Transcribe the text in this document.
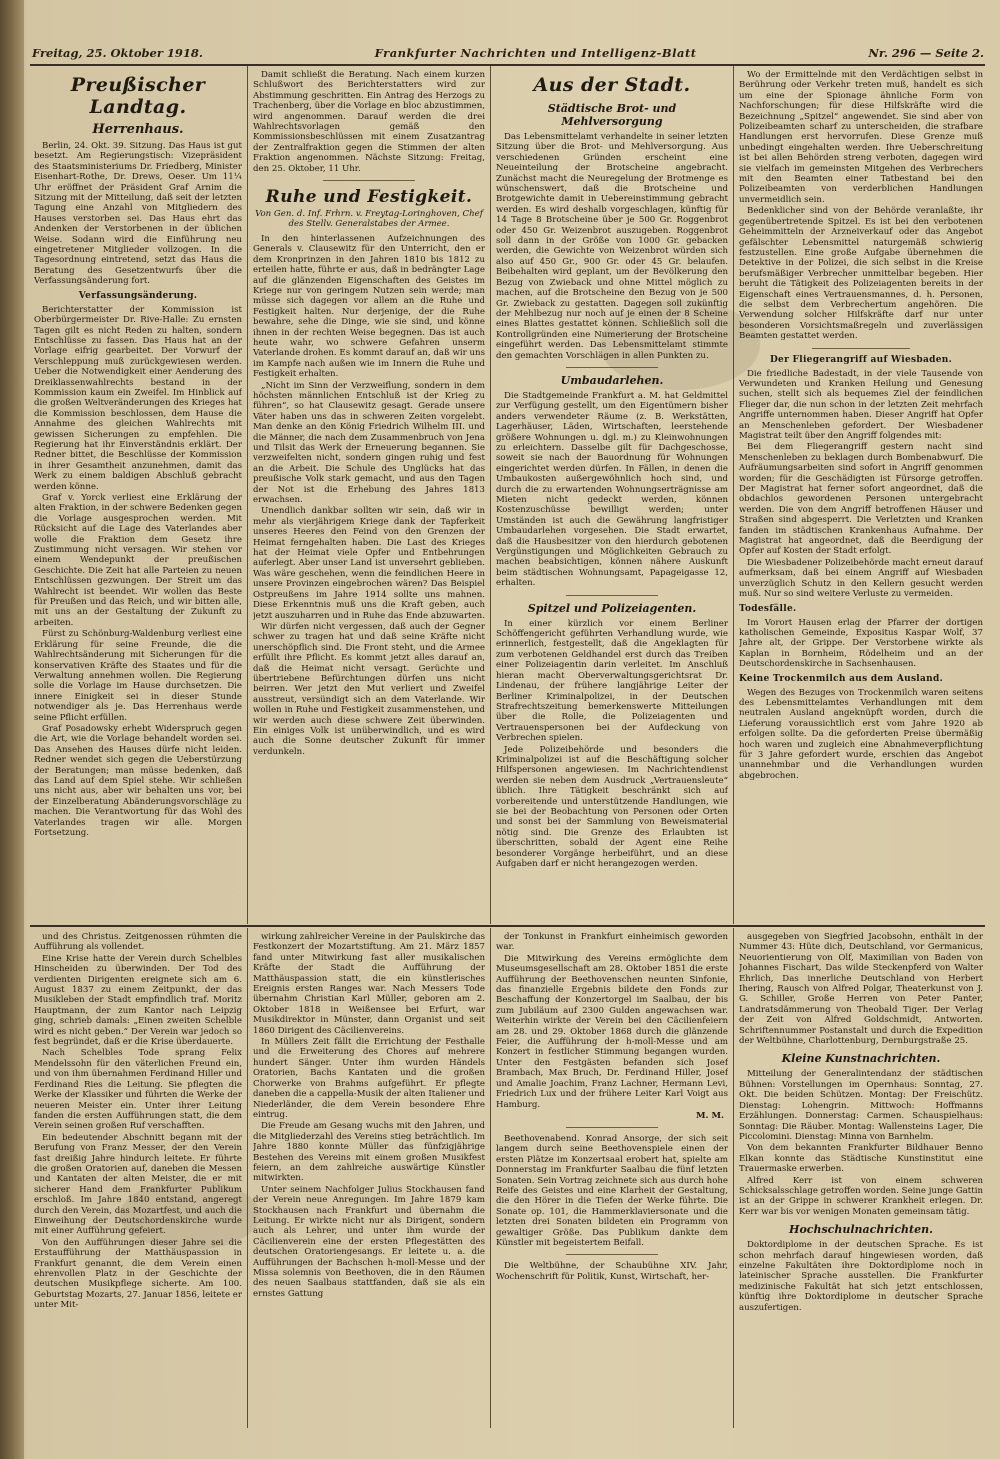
Freitag, 25. Oktober 1918.	Frankfurter Nachrichten und Intelligenz-Blatt	Nr. 296 — Seite 2.
Preußischer Landtag.
Herrenhaus.

Berlin, 24. Okt. 39. Sitzung. Das Haus ist gut besetzt. Am Regierungstisch: Vizepräsident des Staatsministeriums Dr. Friedberg, Minister Eisenhart-Rothe, Dr. Drews, Oeser. Um 11¼ Uhr eröffnet der Präsident Graf Arnim die Sitzung mit der Mitteilung, daß seit der letzten Tagung eine Anzahl von Mitgliedern des Hauses verstorben sei. Das Haus ehrt das Andenken der Verstorbenen in der üblichen Weise. Sodann wird die Einführung neu eingetretener Mitglieder vollzogen. In die Tagesordnung eintretend, setzt das Haus die Beratung des Gesetzentwurfs über die Verfassungsänderung fort.

Verfassungsänderung.

Berichterstatter der Kommission ist Oberbürgermeister Dr. Rive-Halle: Zu ernsten Tagen gilt es nicht Reden zu halten, sondern Entschlüsse zu fassen. Das Haus hat an der Vorlage eifrig gearbeitet. Der Vorwurf der Verschleppung muß zurückgewiesen werden. Ueber die Notwendigkeit einer Aenderung des Dreiklassenwahlrechts bestand in der Kommission kaum ein Zweifel. Im Hinblick auf die großen Weltveränderungen des Krieges hat die Kommission beschlossen, dem Hause die Annahme des gleichen Wahlrechts mit gewissen Sicherungen zu empfehlen. Die Regierung hat ihr Einverständnis erklärt. Der Redner bittet, die Beschlüsse der Kommission in ihrer Gesamtheit anzunehmen, damit das Werk zu einem baldigen Abschluß gebracht werden könne.

Graf v. Yorck verliest eine Erklärung der alten Fraktion, in der schwere Bedenken gegen die Vorlage ausgesprochen werden. Mit Rücksicht auf die Lage des Vaterlandes aber wolle die Fraktion dem Gesetz ihre Zustimmung nicht versagen. Wir stehen vor einem Wendepunkt der preußischen Geschichte. Die Zeit hat alle Parteien zu neuen Entschlüssen gezwungen. Der Streit um das Wahlrecht ist beendet. Wir wollen das Beste für Preußen und das Reich, und wir bitten alle, mit uns an der Gestaltung der Zukunft zu arbeiten.

Fürst zu Schönburg-Waldenburg verliest eine Erklärung für seine Freunde, die die Wahlrechtsänderung mit Sicherungen für die konservativen Kräfte des Staates und für die Verwaltung annehmen wollen. Die Regierung solle die Vorlage im Hause durchsetzen. Die innere Einigkeit sei in dieser Stunde notwendiger als je. Das Herrenhaus werde seine Pflicht erfüllen.

Graf Posadowsky erhebt Widerspruch gegen die Art, wie die Vorlage behandelt worden sei. Das Ansehen des Hauses dürfe nicht leiden. Redner wendet sich gegen die Ueberstürzung der Beratungen; man müsse bedenken, daß das Land auf dem Spiel stehe. Wir schließen uns nicht aus, aber wir behalten uns vor, bei der Einzelberatung Abänderungsvorschläge zu machen. Die Verantwortung für das Wohl des Vaterlandes tragen wir alle. Morgen Fortsetzung.

Damit schließt die Beratung. Nach einem kurzen Schlußwort des Berichterstatters wird zur Abstimmung geschritten. Ein Antrag des Herzogs zu Trachenberg, über die Vorlage en bloc abzustimmen, wird angenommen. Darauf werden die drei Wahlrechtsvorlagen gemäß den Kommissionsbeschlüssen mit einem Zusatzantrag der Zentralfraktion gegen die Stimmen der alten Fraktion angenommen. Nächste Sitzung: Freitag, den 25. Oktober, 11 Uhr.

Ruhe und Festigkeit.

Von Gen. d. Inf. Frhrn. v. Freytag-Loringhoven, Chef des Stellv. Generalstabes der Armee.

In den hinterlassenen Aufzeichnungen des Generals v. Clausewitz für den Unterricht, den er dem Kronprinzen in den Jahren 1810 bis 1812 zu erteilen hatte, führte er aus, daß in bedrängter Lage auf die glänzenden Eigenschaften des Geistes im Kriege nur von geringem Nutzen sein werde; man müsse sich dagegen vor allem an die Ruhe und Festigkeit halten. Nur derjenige, der die Ruhe bewahre, sehe die Dinge, wie sie sind, und könne ihnen in der rechten Weise begegnen. Das ist auch heute wahr, wo schwere Gefahren unserm Vaterlande drohen. Es kommt darauf an, daß wir uns im Kampfe nach außen wie im Innern die Ruhe und Festigkeit erhalten.

„Nicht im Sinn der Verzweiflung, sondern in dem höchsten männlichen Entschluß ist der Krieg zu führen“, so hat Clausewitz gesagt. Gerade unsere Väter haben uns das in schweren Zeiten vorgelebt. Man denke an den König Friedrich Wilhelm III. und die Männer, die nach dem Zusammenbruch von Jena und Tilsit das Werk der Erneuerung begannen. Sie verzweifelten nicht, sondern gingen ruhig und fest an die Arbeit. Die Schule des Unglücks hat das preußische Volk stark gemacht, und aus den Tagen der Not ist die Erhebung des Jahres 1813 erwachsen.

Unendlich dankbar sollten wir sein, daß wir in mehr als vierjährigem Kriege dank der Tapferkeit unseres Heeres den Feind von den Grenzen der Heimat ferngehalten haben. Die Last des Krieges hat der Heimat viele Opfer und Entbehrungen auferlegt. Aber unser Land ist unversehrt geblieben. Was wäre geschehen, wenn die feindlichen Heere in unsere Provinzen eingebrochen wären? Das Beispiel Ostpreußens im Jahre 1914 sollte uns mahnen. Diese Erkenntnis muß uns die Kraft geben, auch jetzt auszuharren und in Ruhe das Ende abzuwarten.

Wir dürfen nicht vergessen, daß auch der Gegner schwer zu tragen hat und daß seine Kräfte nicht unerschöpflich sind. Die Front steht, und die Armee erfüllt ihre Pflicht. Es kommt jetzt alles darauf an, daß die Heimat nicht versagt. Gerüchte und übertriebene Befürchtungen dürfen uns nicht beirren. Wer jetzt den Mut verliert und Zweifel ausstreut, versündigt sich an dem Vaterlande. Wir wollen in Ruhe und Festigkeit zusammenstehen, und wir werden auch diese schwere Zeit überwinden. Ein einiges Volk ist unüberwindlich, und es wird auch die Sonne deutscher Zukunft für immer verdunkeln.

Aus der Stadt.
Städtische Brot- und Mehlversorgung

Das Lebensmittelamt verhandelte in seiner letzten Sitzung über die Brot- und Mehlversorgung. Aus verschiedenen Gründen erscheint eine Neueinteilung der Brotscheine angebracht. Zunächst macht die Neuregelung der Brotmenge es wünschenswert, daß die Brotscheine und Brotgewichte damit in Uebereinstimmung gebracht werden. Es wird deshalb vorgeschlagen, künftig für 14 Tage 8 Brotscheine über je 500 Gr. Roggenbrot oder 450 Gr. Weizenbrot auszugeben. Roggenbrot soll dann in der Größe von 1000 Gr. gebacken werden, die Gewichte von Weizenbrot würden sich also auf 450 Gr., 900 Gr. oder 45 Gr. belaufen. Beibehalten wird geplant, um der Bevölkerung den Bezug von Zwieback und ohne Mittel möglich zu machen, auf die Brotscheine den Bezug von je 500 Gr. Zwieback zu gestatten. Dagegen soll zukünftig der Mehlbezug nur noch auf je einen der 8 Scheine eines Blattes gestattet können. Schließlich soll die Kontrollgründen eine Numerierung der Brotscheine eingeführt werden. Das Lebensmittelamt stimmte den gemachten Vorschlägen in allen Punkten zu.

Umbaudarlehen.

Die Stadtgemeinde Frankfurt a. M. hat Geldmittel zur Verfügung gestellt, um den Eigentümern bisher anders verwendeter Räume (z. B. Werkstätten, Lagerhäuser, Läden, Wirtschaften, leerstehende größere Wohnungen u. dgl. m.) zu Kleinwohnungen zu erleichtern. Dasselbe gilt für Dachgeschosse, soweit sie nach der Bauordnung für Wohnungen eingerichtet werden dürfen. In Fällen, in denen die Umbaukosten außergewöhnlich hoch sind, und durch die zu erwartenden Wohnungserträgnisse am Mieten nicht gedeckt werden, können Kostenzuschüsse bewilligt werden; unter Umständen ist auch die Gewährung langfristiger Umbaudarlehen vorgesehen. Die Stadt erwartet, daß die Hausbesitzer von den hierdurch gebotenen Vergünstigungen und Möglichkeiten Gebrauch zu machen beabsichtigen, können nähere Auskunft beim städtischen Wohnungsamt, Papageigasse 12, erhalten.

Spitzel und Polizeiagenten.

In einer kürzlich vor einem Berliner Schöffengericht geführten Verhandlung wurde, wie erinnerlich, festgestellt, daß die Angeklagten für zum verbotenen Geldhandel erst durch das Treiben einer Polizeiagentin darin verleitet. Im Anschluß hieran macht Oberverwaltungsgerichtsrat Dr. Lindenau, der frühere langjährige Leiter der Berliner Kriminalpolizei, in der Deutschen Strafrechtszeitung bemerkenswerte Mitteilungen über die Rolle, die Polizeiagenten und Vertrauenspersonen bei der Aufdeckung von Verbrechen spielen.

Jede Polizeibehörde und besonders die Kriminalpolizei ist auf die Beschäftigung solcher Hilfspersonen angewiesen. Im Nachrichtendienst werden sie neben dem Ausdruck „Vertrauensleute“ üblich. Ihre Tätigkeit beschränkt sich auf vorbereitende und unterstützende Handlungen, wie sie bei der Beobachtung von Personen oder Orten und sonst bei der Sammlung von Beweismaterial nötig sind. Die Grenze des Erlaubten ist überschritten, sobald der Agent eine Reihe besonderer Vorgänge herbeiführt, und an diese Aufgaben darf er nicht herangezogen werden.

Wo der Ermittelnde mit den Verdächtigen selbst in Berührung oder Verkehr treten muß, handelt es sich um eine der Spionage ähnliche Form von Nachforschungen; für diese Hilfskräfte wird die Bezeichnung „Spitzel“ angewendet. Sie sind aber von Polizeibeamten scharf zu unterscheiden, die strafbare Handlungen erst hervorrufen. Diese Grenze muß unbedingt eingehalten werden. Ihre Ueberschreitung ist bei allen Behörden streng verboten, dagegen wird sie vielfach im gemeinsten Mitgehen des Verbrechers mit den Beamten einer Tatbestand bei den Polizeibeamten von verderblichen Handlungen unvermeidlich sein.

Bedenklicher sind von der Behörde veranlaßte, ihr gegenübertretende Spitzel. Es ist bei den verbotenen Geheimmitteln der Arzneiverkauf oder das Angebot gefälschter Lebensmittel naturgemäß schwierig festzustellen. Eine große Aufgabe übernehmen die Detektive in der Polizei, die sich selbst in die Kreise berufsmäßiger Verbrecher unmittelbar begeben. Hier beruht die Tätigkeit des Polizeiagenten bereits in der Eigenschaft eines Vertrauensmannes, d. h. Personen, die selbst dem Verbrechertum angehören. Die Verwendung solcher Hilfskräfte darf nur unter besonderen Vorsichtsmaßregeln und zuverlässigen Beamten gestattet werden.

Der Fliegerangriff auf Wiesbaden.

Die friedliche Badestadt, in der viele Tausende von Verwundeten und Kranken Heilung und Genesung suchen, stellt sich als bequemes Ziel der feindlichen Flieger dar, die nun schon in der letzten Zeit mehrfach Angriffe unternommen haben. Dieser Angriff hat Opfer an Menschenleben gefordert. Der Wiesbadener Magistrat teilt über den Angriff folgendes mit:

Bei dem Fliegerangriff gestern nacht sind Menschenleben zu beklagen durch Bombenabwurf. Die Aufräumungsarbeiten sind sofort in Angriff genommen worden; für die Geschädigten ist Fürsorge getroffen. Der Magistrat hat ferner sofort angeordnet, daß die obdachlos gewordenen Personen untergebracht werden. Die von dem Angriff betroffenen Häuser und Straßen sind abgesperrt. Die Verletzten und Kranken fanden im städtischen Krankenhaus Aufnahme. Der Magistrat hat angeordnet, daß die Beerdigung der Opfer auf Kosten der Stadt erfolgt.

Die Wiesbadener Polizeibehörde macht erneut darauf aufmerksam, daß bei einem Angriff auf Wiesbaden unverzüglich Schutz in den Kellern gesucht werden muß. Nur so sind weitere Verluste zu vermeiden.

Todesfälle.

Im Vorort Hausen erlag der Pfarrer der dortigen katholischen Gemeinde, Expositus Kaspar Wolf, 37 Jahre alt, der Grippe. Der Verstorbene wirkte als Kaplan in Bornheim, Rödelheim und an der Deutschordenskirche in Sachsenhausen.

Keine Trockenmilch aus dem Ausland.

Wegen des Bezuges von Trockenmilch waren seitens des Lebensmittelamtes Verhandlungen mit dem neutralen Ausland angeknüpft worden, durch die Lieferung voraussichtlich erst vom Jahre 1920 ab erfolgen sollte. Da die geforderten Preise übermäßig hoch waren und zugleich eine Abnahmeverpflichtung für 3 Jahre gefordert wurde, erschien das Angebot unannehmbar und die Verhandlungen wurden abgebrochen.

und des Christus. Zeitgenossen rühmten die Aufführung als vollendet.

Eine Krise hatte der Verein durch Schelbles Hinscheiden zu überwinden. Der Tod des verdienten Dirigenten ereignete sich am 6. August 1837 zu einem Zeitpunkt, der das Musikleben der Stadt empfindlich traf. Moritz Hauptmann, der zum Kantor nach Leipzig ging, schrieb damals: „Einen zweiten Schelble wird es nicht geben.“ Der Verein war jedoch so fest begründet, daß er die Krise überdauerte.

Nach Schelbles Tode sprang Felix Mendelssohn für den väterlichen Freund ein, und von ihm übernahmen Ferdinand Hiller und Ferdinand Ries die Leitung. Sie pflegten die Werke der Klassiker und führten die Werke der neueren Meister ein. Unter ihrer Leitung fanden die ersten Aufführungen statt, die dem Verein seinen großen Ruf verschafften.

Ein bedeutender Abschnitt begann mit der Berufung von Franz Messer, der den Verein fast dreißig Jahre hindurch leitete. Er führte die großen Oratorien auf, daneben die Messen und Kantaten der alten Meister, die er mit sicherer Hand dem Frankfurter Publikum erschloß. Im Jahre 1840 entstand, angeregt durch den Verein, das Mozartfest, und auch die Einweihung der Deutschordenskirche wurde mit einer Aufführung gefeiert.

Von den Aufführungen dieser Jahre sei die Erstaufführung der Matthäuspassion in Frankfurt genannt, die dem Verein einen ehrenvollen Platz in der Geschichte der deutschen Musikpflege sicherte. Am 100. Geburtstag Mozarts, 27. Januar 1856, leitete er unter Mit-

wirkung zahlreicher Vereine in der Paulskirche das Festkonzert der Mozartstiftung. Am 21. März 1857 fand unter Mitwirkung fast aller musikalischen Kräfte der Stadt die Aufführung der Matthäuspassion statt, die ein künstlerisches Ereignis ersten Ranges war. Nach Messers Tode übernahm Christian Karl Müller, geboren am 2. Oktober 1818 in Weißensee bei Erfurt, war Musikdirektor in Münster, dann Organist und seit 1860 Dirigent des Cäcilienvereins.

In Müllers Zeit fällt die Errichtung der Festhalle und die Erweiterung des Chores auf mehrere hundert Sänger. Unter ihm wurden Händels Oratorien, Bachs Kantaten und die großen Chorwerke von Brahms aufgeführt. Er pflegte daneben die a cappella-Musik der alten Italiener und Niederländer, die dem Verein besondere Ehre eintrug.

Die Freude am Gesang wuchs mit den Jahren, und die Mitgliederzahl des Vereins stieg beträchtlich. Im Jahre 1880 konnte Müller das fünfzigjährige Bestehen des Vereins mit einem großen Musikfest feiern, an dem zahlreiche auswärtige Künstler mitwirkten.

Unter seinem Nachfolger Julius Stockhausen fand der Verein neue Anregungen. Im Jahre 1879 kam Stockhausen nach Frankfurt und übernahm die Leitung. Er wirkte nicht nur als Dirigent, sondern auch als Lehrer, und unter ihm wurde der Cäcilienverein eine der ersten Pflegestätten des deutschen Oratoriengesangs. Er leitete u. a. die Aufführungen der Bachschen h-moll-Messe und der Missa solemnis von Beethoven, die in den Räumen des neuen Saalbaus stattfanden, daß sie als ein ernstes Gattung

der Tonkunst in Frankfurt einheimisch geworden war.

Die Mitwirkung des Vereins ermöglichte dem Museumsgesellschaft am 28. Oktober 1851 die erste Aufführung der Beethovenschen neunten Sinfonie, das finanzielle Ergebnis bildete den Fonds zur Beschaffung der Konzertorgel im Saalbau, der bis zum Jubiläum auf 2300 Gulden angewachsen war. Weiterhin wirkte der Verein bei den Cäcilienfeiern am 28. und 29. Oktober 1868 durch die glänzende Feier, die Aufführung der h-moll-Messe und am Konzert in festlicher Stimmung begangen wurden. Unter den Festgästen befanden sich Josef Brambach, Max Bruch, Dr. Ferdinand Hiller, Josef und Amalie Joachim, Franz Lachner, Hermann Levi, Friedrich Lux und der frühere Leiter Karl Voigt aus Hamburg.

M. M.

Beethovenabend. Konrad Ansorge, der sich seit langem durch seine Beethovenspiele einen der ersten Plätze im Konzertsaal erobert hat, spielte am Donnerstag im Frankfurter Saalbau die fünf letzten Sonaten. Sein Vortrag zeichnete sich aus durch hohe Reife des Geistes und eine Klarheit der Gestaltung, die den Hörer in die Tiefen der Werke führte. Die Sonate op. 101, die Hammerklaviersonate und die letzten drei Sonaten bildeten ein Programm von gewaltiger Größe. Das Publikum dankte dem Künstler mit begeistertem Beifall.

Die Weltbühne, der Schaubühne XIV. Jahr, Wochenschrift für Politik, Kunst, Wirtschaft, her-

ausgegeben von Siegfried Jacobsohn, enthält in der Nummer 43: Hüte dich, Deutschland, vor Germanicus, Neuorientierung von Olf, Maximilian von Baden von Johannes Fischart, Das wilde Steckenpferd von Walter Ehrlich, Das innerliche Deutschland von Herbert Ihering, Rausch von Alfred Polgar, Theaterkunst von J. G. Schiller, Große Herren von Peter Panter, Landratsdämmerung von Theobald Tiger. Der Verlag der Zeit von Alfred Goldschmidt, Antworten. Schriftennummer Postanstalt und durch die Expedition der Weltbühne, Charlottenburg, Dernburgstraße 25.

Kleine Kunstnachrichten.

Mitteilung der Generalintendanz der städtischen Bühnen: Vorstellungen im Opernhaus: Sonntag, 27. Okt. Die beiden Schützen. Montag: Der Freischütz. Dienstag: Lohengrin. Mittwoch: Hoffmanns Erzählungen. Donnerstag: Carmen. Schauspielhaus: Sonntag: Die Räuber. Montag: Wallensteins Lager, Die Piccolomini. Dienstag: Minna von Barnhelm.

Von dem bekannten Frankfurter Bildhauer Benno Elkan konnte das Städtische Kunstinstitut eine Trauermaske erwerben.

Alfred Kerr ist von einem schweren Schicksalsschlage getroffen worden. Seine junge Gattin ist an der Grippe in schwerer Krankheit erlegen. Dr. Kerr war bis vor wenigen Monaten gemeinsam tätig.

Hochschulnachrichten.

Doktordiplome in der deutschen Sprache. Es ist schon mehrfach darauf hingewiesen worden, daß einzelne Fakultäten ihre Doktordiplome noch in lateinischer Sprache ausstellen. Die Frankfurter medizinische Fakultät hat sich jetzt entschlossen, künftig ihre Doktordiplome in deutscher Sprache auszufertigen.
